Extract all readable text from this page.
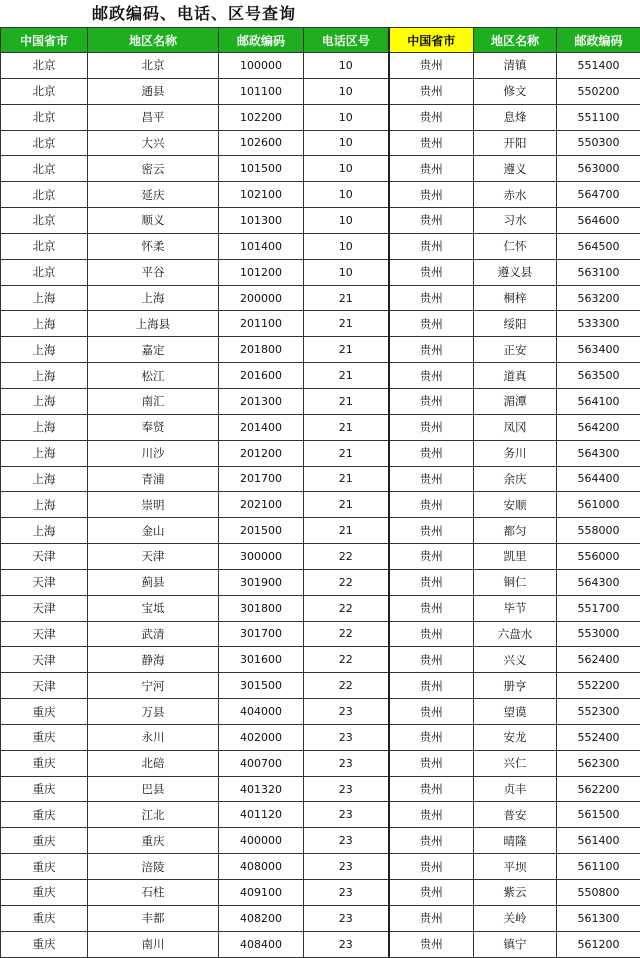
邮政编码、电话、区号查询
中国省市	地区名称	邮政编码	电话区号	中国省市	地区名称	邮政编码
北京	北京	100000	10	贵州	清镇	551400
北京	通县	101100	10	贵州	修文	550200
北京	昌平	102200	10	贵州	息烽	551100
北京	大兴	102600	10	贵州	开阳	550300
北京	密云	101500	10	贵州	遵义	563000
北京	延庆	102100	10	贵州	赤水	564700
北京	顺义	101300	10	贵州	习水	564600
北京	怀柔	101400	10	贵州	仁怀	564500
北京	平谷	101200	10	贵州	遵义县	563100
上海	上海	200000	21	贵州	桐梓	563200
上海	上海县	201100	21	贵州	绥阳	533300
上海	嘉定	201800	21	贵州	正安	563400
上海	松江	201600	21	贵州	道真	563500
上海	南汇	201300	21	贵州	湄潭	564100
上海	奉贤	201400	21	贵州	凤冈	564200
上海	川沙	201200	21	贵州	务川	564300
上海	青浦	201700	21	贵州	余庆	564400
上海	崇明	202100	21	贵州	安顺	561000
上海	金山	201500	21	贵州	都匀	558000
天津	天津	300000	22	贵州	凯里	556000
天津	蓟县	301900	22	贵州	铜仁	564300
天津	宝坻	301800	22	贵州	毕节	551700
天津	武清	301700	22	贵州	六盘水	553000
天津	静海	301600	22	贵州	兴义	562400
天津	宁河	301500	22	贵州	册亨	552200
重庆	万县	404000	23	贵州	望谟	552300
重庆	永川	402000	23	贵州	安龙	552400
重庆	北碚	400700	23	贵州	兴仁	562300
重庆	巴县	401320	23	贵州	贞丰	562200
重庆	江北	401120	23	贵州	普安	561500
重庆	重庆	400000	23	贵州	晴隆	561400
重庆	涪陵	408000	23	贵州	平坝	561100
重庆	石柱	409100	23	贵州	紫云	550800
重庆	丰都	408200	23	贵州	关岭	561300
重庆	南川	408400	23	贵州	镇宁	561200
